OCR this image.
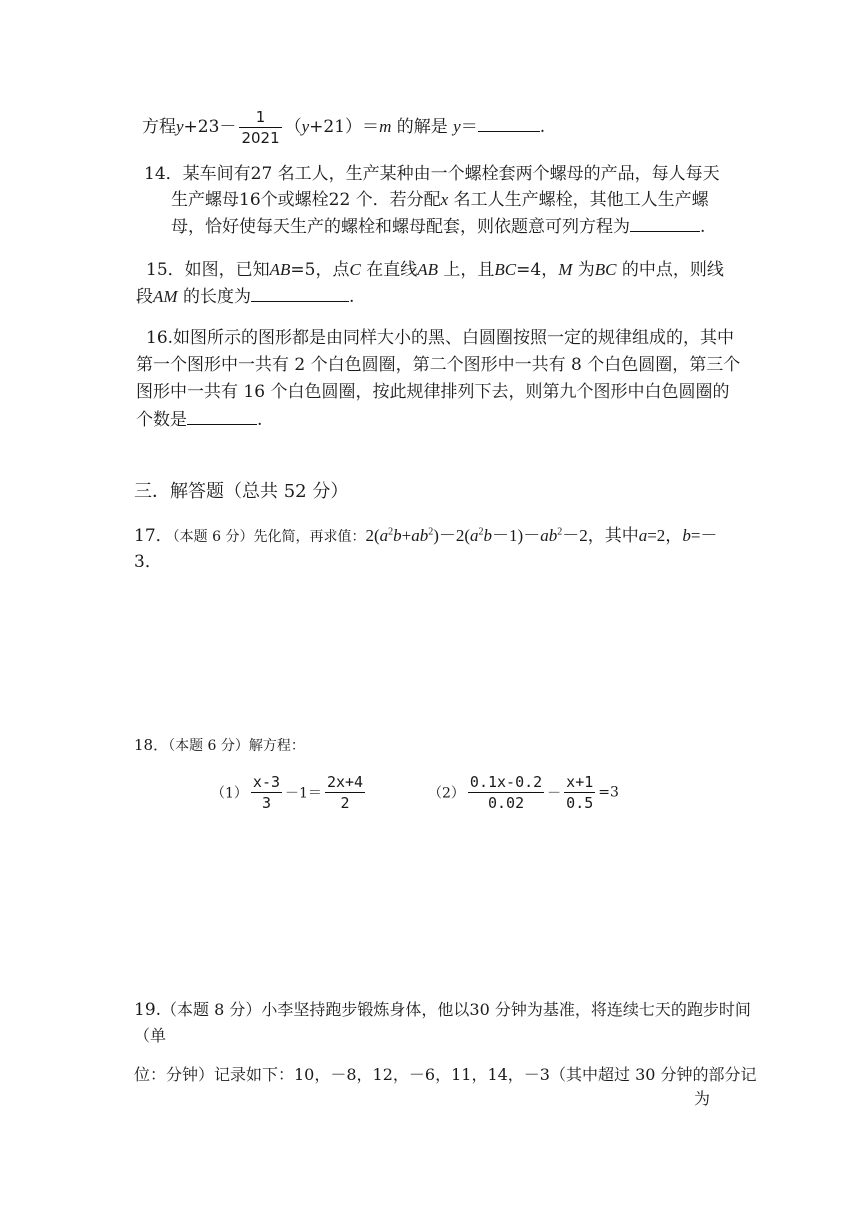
方程$y+23- \frac{1}{2021} (y+21)=m$ 的解是 y＝	.
14．某车间有27 名工人，生产某种由一个螺栓套两个螺母的产品，每人每天
生产螺母16个或螺栓22 个．若分配x 名工人生产螺栓，其他工人生产螺
母，恰好使每天生产的螺栓和螺母配套，则依题意可列方程为	.
15．如图，已知AB=5，点C 在直线AB 上，且BC=4，M 为BC 的中点，则线
段AM 的长度为	.
16.如图所示的图形都是由同样大小的黑、白圆圈按照一定的规律组成的，其中
第一个图形中一共有 2 个白色圆圈，第二个图形中一共有 8 个白色圆圈，第三个
图形中一共有 16 个白色圆圈，按此规律排列下去，则第九个图形中白色圆圈的
个数是	.
三．解答题（总共 52 分）
17．（本题 6 分）先化简，再求值：$2(a^2b+ab^2)-2(a^2b-1)-ab^2-2$，其中a=2，b=－
3．
18．（本题 6 分）解方程：
$(1) \frac{x-3}{3} -1= \frac{2x+4}{2}$	$(2) \frac{0.1x-0.2}{0.02} - \frac{x+1}{0.5} =3$
19.（本题 8 分）小李坚持跑步锻炼身体，他以30 分钟为基准，将连续七天的跑步时间
（单
位：分钟）记录如下：10，－8，12，－6，11，14，－3（其中超过 30 分钟的部分记
为
